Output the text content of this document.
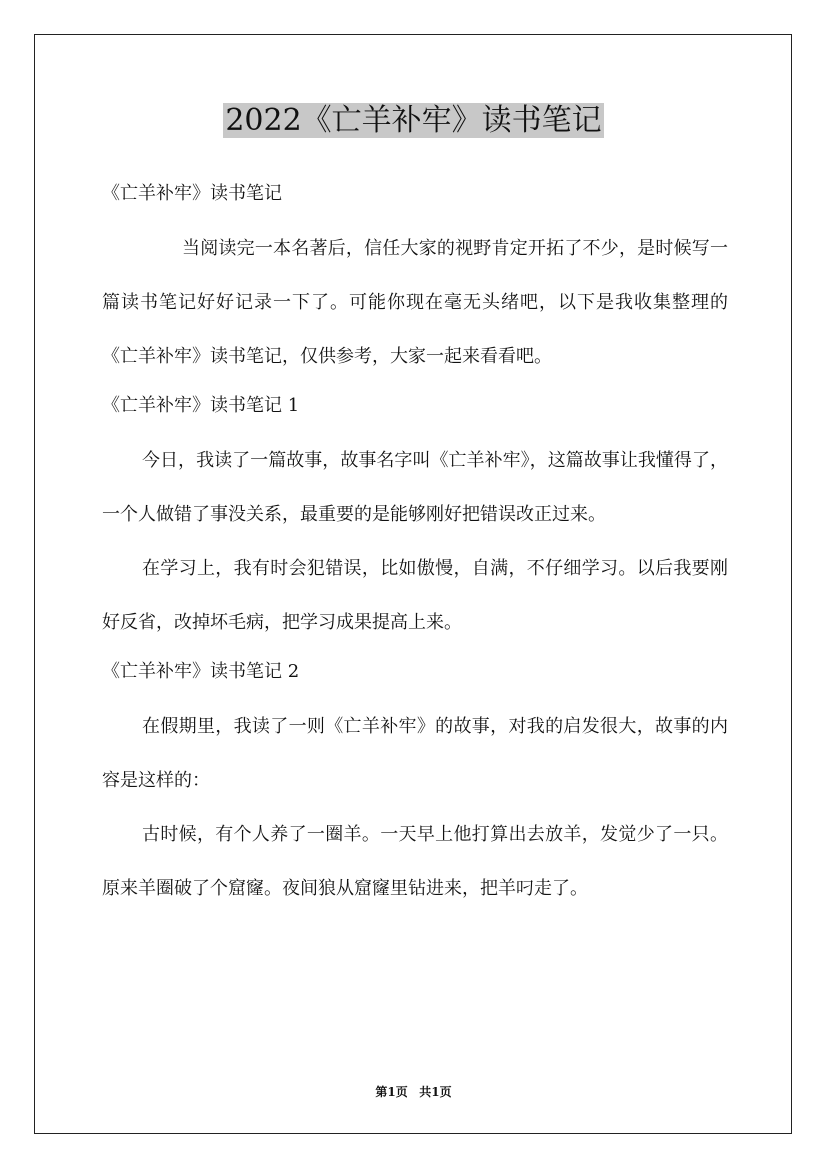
2022《亡羊补牢》读书笔记

《亡羊补牢》读书笔记

当阅读完一本名著后，信任大家的视野肯定开拓了不少，是时候写一篇读书笔记好好记录一下了。可能你现在毫无头绪吧，以下是我收集整理的《亡羊补牢》读书笔记，仅供参考，大家一起来看看吧。

《亡羊补牢》读书笔记 1

今日，我读了一篇故事，故事名字叫《亡羊补牢》，这篇故事让我懂得了，一个人做错了事没关系，最重要的是能够刚好把错误改正过来。

在学习上，我有时会犯错误，比如傲慢，自满，不仔细学习。以后我要刚好反省，改掉坏毛病，把学习成果提高上来。

《亡羊补牢》读书笔记 2

在假期里，我读了一则《亡羊补牢》的故事，对我的启发很大，故事的内容是这样的：

古时候，有个人养了一圈羊。一天早上他打算出去放羊，发觉少了一只。原来羊圈破了个窟窿。夜间狼从窟窿里钻进来，把羊叼走了。

第1页 共1页
